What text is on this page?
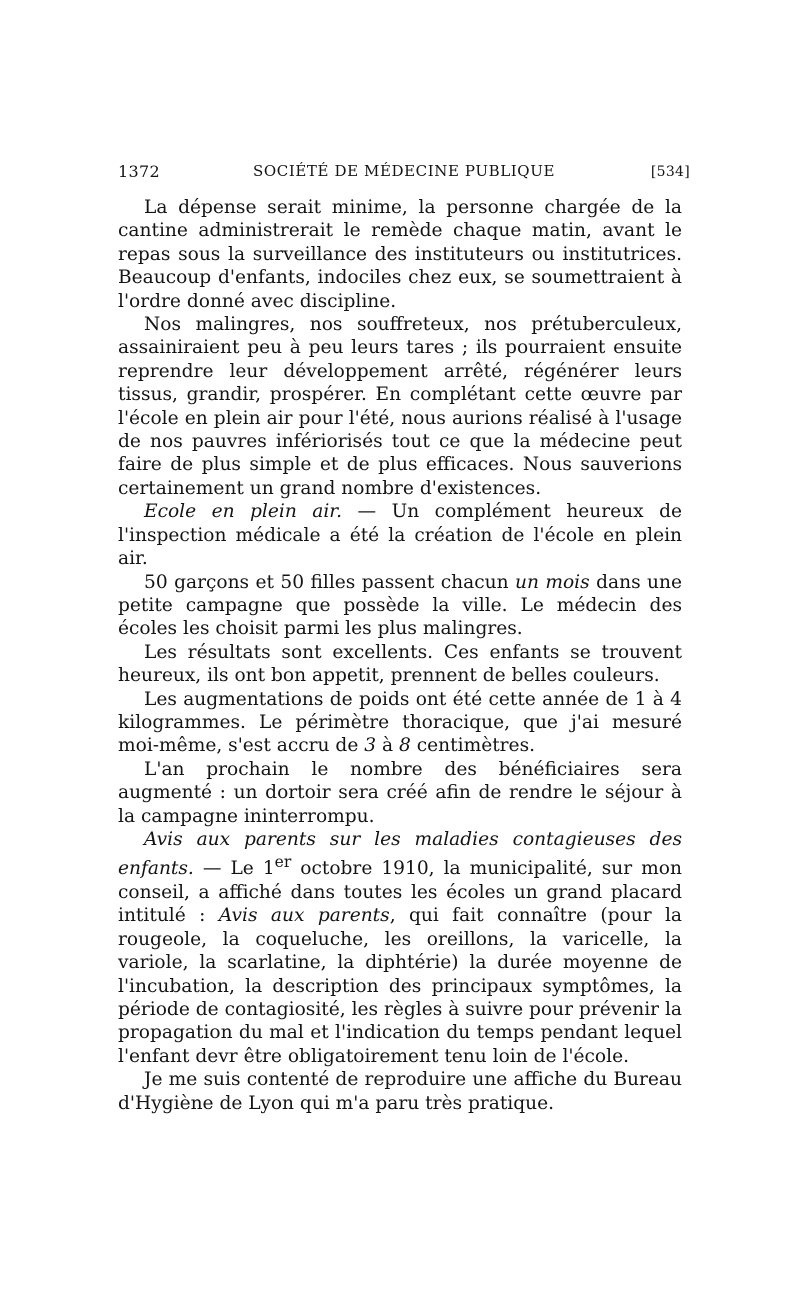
1372	SOCIÉTÉ DE MÉDECINE PUBLIQUE	[534]

La dépense serait minime, la personne chargée de la cantine administrerait le remède chaque matin, avant le repas sous la surveillance des instituteurs ou institutrices. Beaucoup d'enfants, indociles chez eux, se soumettraient à l'ordre donné avec discipline.

Nos malingres, nos souffreteux, nos prétuberculeux, assainiraient peu à peu leurs tares ; ils pourraient ensuite reprendre leur développement arrêté, régénérer leurs tissus, grandir, prospérer. En complétant cette œuvre par l'école en plein air pour l'été, nous aurions réalisé à l'usage de nos pauvres infériorisés tout ce que la médecine peut faire de plus simple et de plus efficaces. Nous sauverions certainement un grand nombre d'existences.

Ecole en plein air. — Un complément heureux de l'inspection médicale a été la création de l'école en plein air.

50 garçons et 50 filles passent chacun un mois dans une petite campagne que possède la ville. Le médecin des écoles les choisit parmi les plus malingres.

Les résultats sont excellents. Ces enfants se trouvent heureux, ils ont bon appetit, prennent de belles couleurs.

Les augmentations de poids ont été cette année de 1 à 4 kilogrammes. Le périmètre thoracique, que j'ai mesuré moi-même, s'est accru de 3 à 8 centimètres.

L'an prochain le nombre des bénéficiaires sera augmenté : un dortoir sera créé afin de rendre le séjour à la campagne ininterrompu.

Avis aux parents sur les maladies contagieuses des enfants. — Le 1er octobre 1910, la municipalité, sur mon conseil, a affiché dans toutes les écoles un grand placard intitulé : Avis aux parents, qui fait connaître (pour la rougeole, la coqueluche, les oreillons, la varicelle, la variole, la scarlatine, la diphtérie) la durée moyenne de l'incubation, la description des principaux symptômes, la période de contagiosité, les règles à suivre pour prévenir la propagation du mal et l'indication du temps pendant lequel l'enfant devr être obligatoirement tenu loin de l'école.

Je me suis contenté de reproduire une affiche du Bureau d'Hygiène de Lyon qui m'a paru très pratique.
